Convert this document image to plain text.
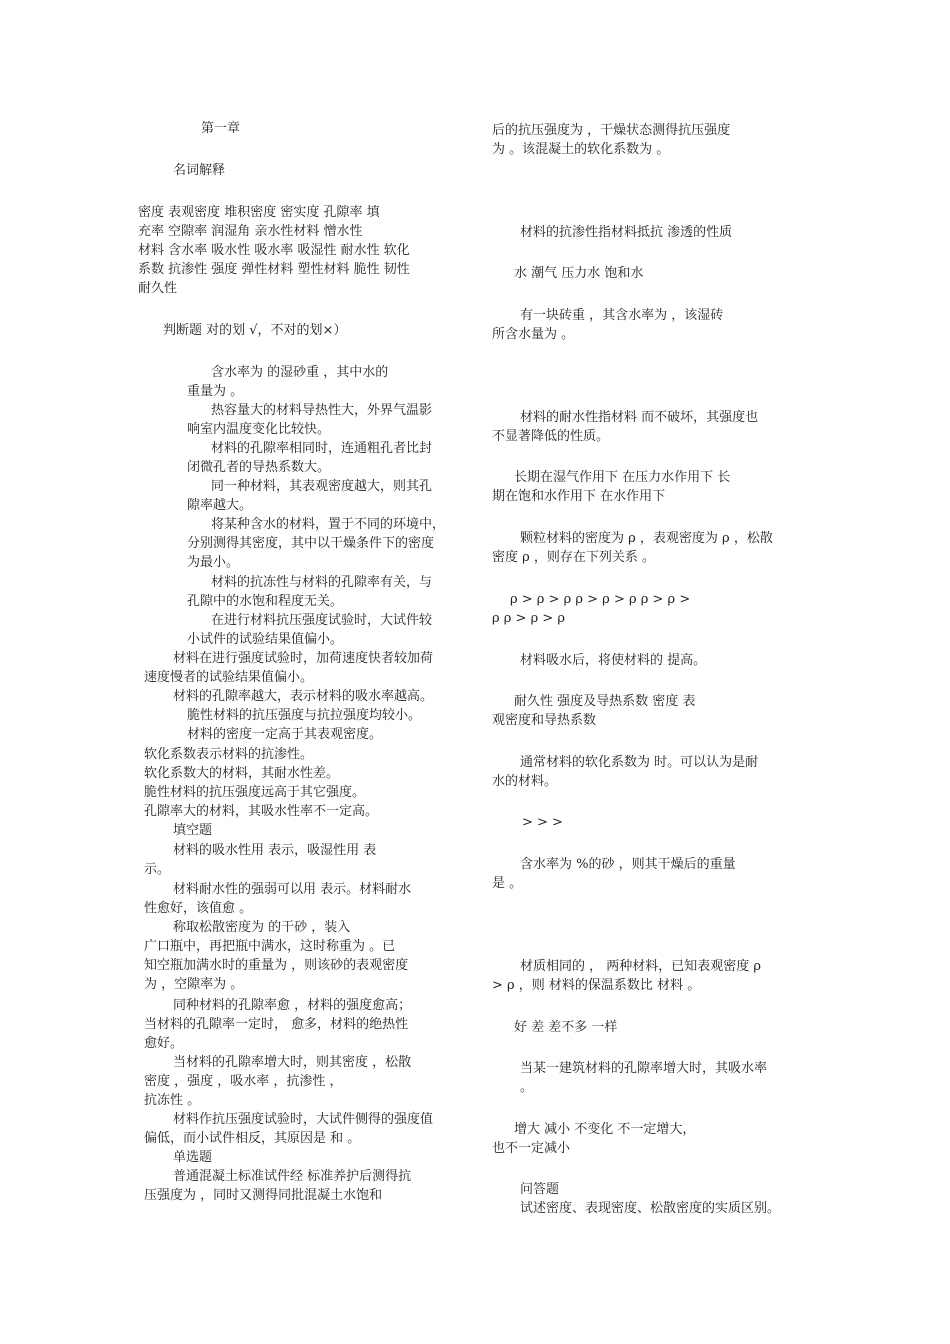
第一章
名词解释
密度 表观密度 堆积密度 密实度 孔隙率 填
充率 空隙率 润湿角 亲水性材料 憎水性
材料 含水率 吸水性 吸水率 吸湿性 耐水性 软化
系数 抗渗性 强度 弹性材料 塑性材料 脆性 韧性
耐久性
判断题 对的划 √，不对的划×）
含水率为 的湿砂重 ，其中水的
重量为 。
热容量大的材料导热性大，外界气温影
响室内温度变化比较快。
材料的孔隙率相同时，连通粗孔者比封
闭微孔者的导热系数大。
同一种材料，其表观密度越大，则其孔
隙率越大。
将某种含水的材料，置于不同的环境中，
分别测得其密度，其中以干燥条件下的密度
为最小。
材料的抗冻性与材料的孔隙率有关，与
孔隙中的水饱和程度无关。
在进行材料抗压强度试验时，大试件较
小试件的试验结果值偏小。
材料在进行强度试验时，加荷速度快者较加荷
速度慢者的试验结果值偏小。
材料的孔隙率越大，表示材料的吸水率越高。
脆性材料的抗压强度与抗拉强度均较小。
材料的密度一定高于其表观密度。
软化系数表示材料的抗渗性。
软化系数大的材料，其耐水性差。
脆性材料的抗压强度远高于其它强度。
孔隙率大的材料，其吸水性率不一定高。
填空题
材料的吸水性用 表示，吸湿性用 表
示。
材料耐水性的强弱可以用 表示。材料耐水
性愈好，该值愈 。
称取松散密度为 的干砂 ，装入
广口瓶中，再把瓶中满水，这时称重为 。已
知空瓶加满水时的重量为 ，则该砂的表观密度
为 ，空隙率为 。
同种材料的孔隙率愈 ，材料的强度愈高；
当材料的孔隙率一定时， 愈多，材料的绝热性
愈好。
当材料的孔隙率增大时，则其密度 ，松散
密度 ，强度 ，吸水率 ，抗渗性 ，
抗冻性 。
材料作抗压强度试验时，大试件侧得的强度值
偏低，而小试件相反，其原因是 和 。
单选题
普通混凝土标准试件经 标准养护后测得抗
压强度为 ，同时又测得同批混凝土水饱和
后的抗压强度为 ，干燥状态测得抗压强度
为 。该混凝土的软化系数为 。
材料的抗渗性指材料抵抗 渗透的性质
水 潮气 压力水 饱和水
有一块砖重 ，其含水率为 ，该湿砖
所含水量为 。
材料的耐水性指材料 而不破坏，其强度也
不显著降低的性质。
长期在湿气作用下 在压力水作用下 长
期在饱和水作用下 在水作用下
颗粒材料的密度为 ρ ，表观密度为 ρ ，松散
密度 ρ ，则存在下列关系 。
ρ > ρ > ρ ρ > ρ > ρ ρ > ρ >
ρ ρ > ρ > ρ
材料吸水后，将使材料的 提高。
耐久性 强度及导热系数 密度 表
观密度和导热系数
通常材料的软化系数为 时。可以认为是耐
水的材料。
> > >
含水率为 %的砂 ，则其干燥后的重量
是 。
材质相同的 ， 两种材料，已知表观密度 ρ
> ρ ，则 材料的保温系数比 材料 。
好 差 差不多 一样
当某一建筑材料的孔隙率增大时，其吸水率
。
增大 减小 不变化 不一定增大，
也不一定减小
问答题
试述密度、表现密度、松散密度的实质区别。
